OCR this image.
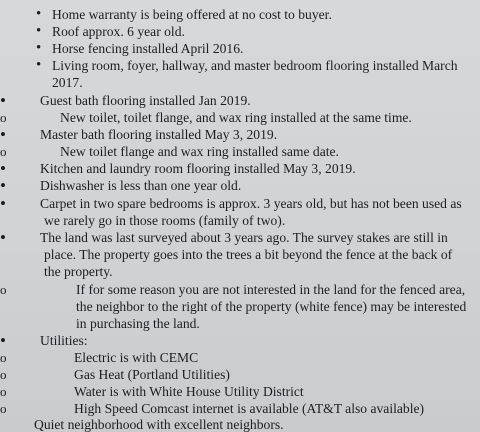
• Home warranty is being offered at no cost to buyer.
• Roof approx. 6 year old.
• Horse fencing installed April 2016.
• Living room, foyer, hallway, and master bedroom flooring installed March
2017.
•	Guest bath flooring installed Jan 2019.
o	New toilet, toilet flange, and wax ring installed at the same time.
•	Master bath flooring installed May 3, 2019.
o	New toilet flange and wax ring installed same date.
•	Kitchen and laundry room flooring installed May 3, 2019.
•	Dishwasher is less than one year old.
•	Carpet in two spare bedrooms is approx. 3 years old, but has not been used as
we rarely go in those rooms (family of two).
•	The land was last surveyed about 3 years ago. The survey stakes are still in
place. The property goes into the trees a bit beyond the fence at the back of
the property.
o	If for some reason you are not interested in the land for the fenced area,
the neighbor to the right of the property (white fence) may be interested
in purchasing the land.
•	Utilities:
o	Electric is with CEMC
o	Gas Heat (Portland Utilities)
o	Water is with White House Utility District
o	High Speed Comcast internet is available (AT&T also available)
Quiet neighborhood with excellent neighbors.
